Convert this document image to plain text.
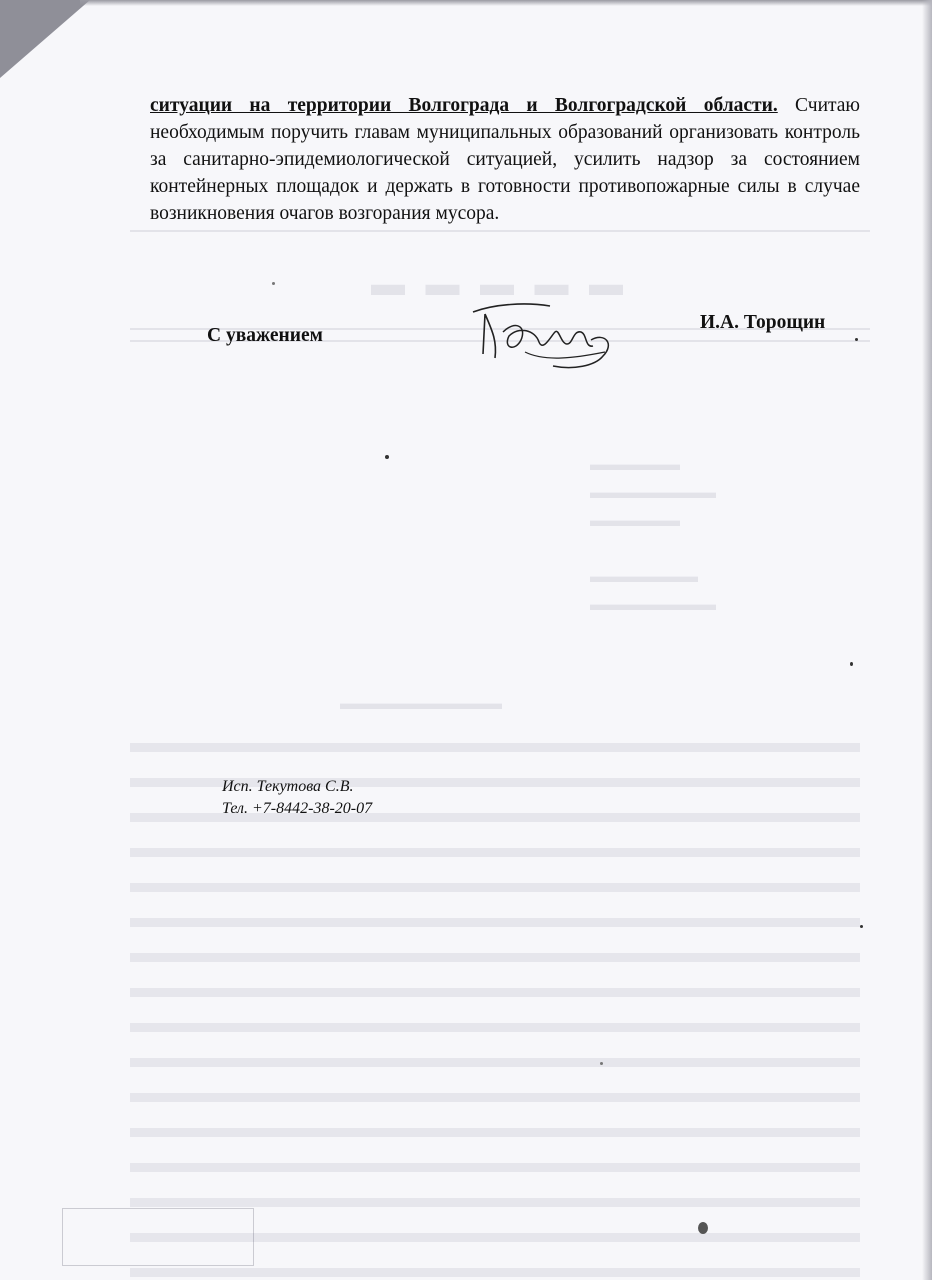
▬ ▬ ▬ ▬ ▬
▬▬▬▬▬
▬▬▬▬▬▬▬
▬▬▬▬▬

▬▬▬▬▬▬
▬▬▬▬▬▬▬
▬▬▬▬▬▬▬▬▬

ситуации на территории Волгограда и Волгоградской области. Считаю необходимым поручить главам муниципальных образований организовать контроль за санитарно-эпидемиологической ситуацией, усилить надзор за состоянием контейнерных площадок и держать в готовности противопожарные силы в случае возникновения очагов возгорания мусора.

С уважением
И.А. Торощин
Исп. Текутова С.В.
Тел. +7-8442-38-20-07
